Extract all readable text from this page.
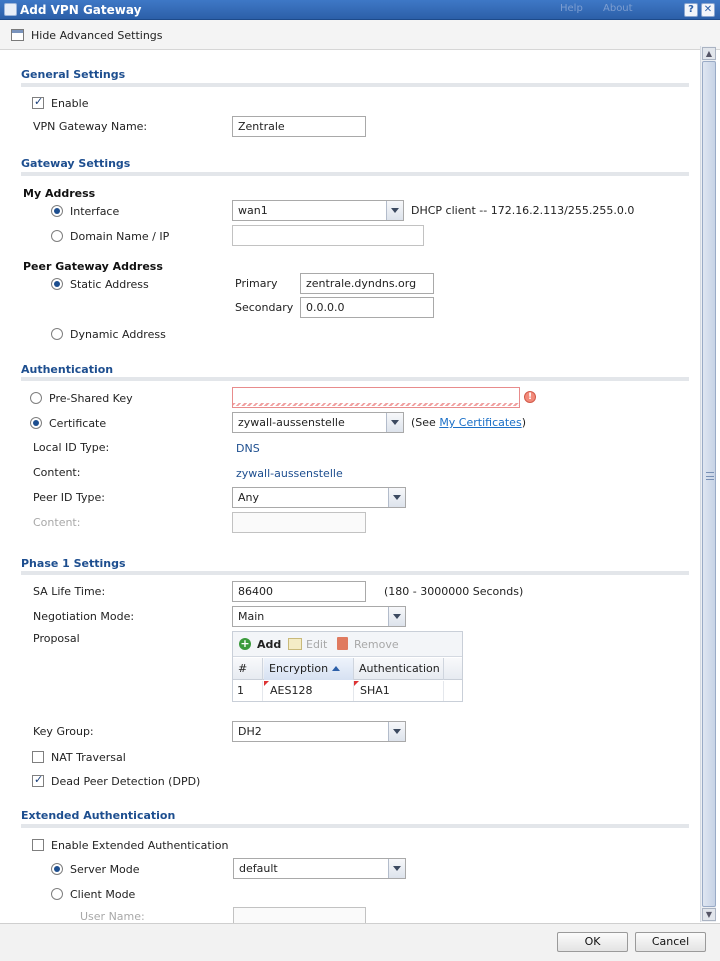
Add VPN Gateway	Help About	? ✕
Hide Advanced Settings
General Settings
✓
Enable
VPN Gateway Name:	Zentrale
Gateway Settings
My Address
Interface	wan1	DHCP client -- 172.16.2.113/255.255.0.0
Domain Name / IP
Peer Gateway Address
Static Address	Primary	zentrale.dyndns.org
Secondary	0.0.0.0
Dynamic Address
Authentication
Pre-Shared Key	!
Certificate	zywall-aussenstelle	(See My Certificates)
Local ID Type:	DNS
Content:	zywall-aussenstelle
Peer ID Type:	Any
Content:
Phase 1 Settings
SA Life Time:	86400	(180 - 3000000 Seconds)
Negotiation Mode:	Main
Proposal	+ Add Edit Remove
#	Encryption	Authentication
1	AES128	SHA1
Key Group:	DH2
NAT Traversal
✓
Dead Peer Detection (DPD)
Extended Authentication
Enable Extended Authentication
Server Mode	default
Client Mode
User Name:
▲
▼
OK	Cancel
